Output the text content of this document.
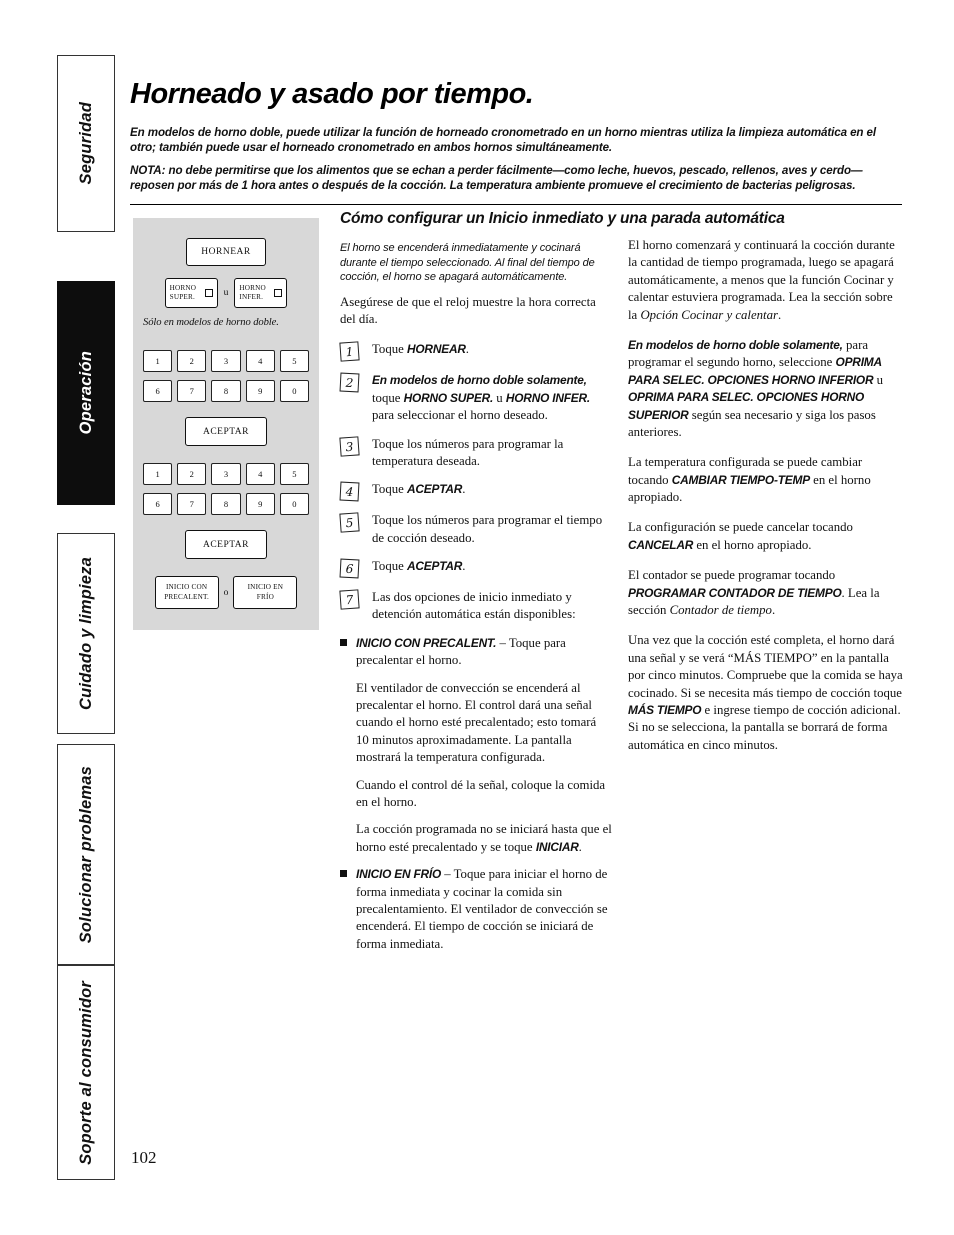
Seguridad
Operación
Cuidado y limpieza
Solucionar problemas
Soporte al consumidor
Horneado y asado por tiempo.

En modelos de horno doble, puede utilizar la función de horneado cronometrado en un horno mientras utiliza la limpieza automática en el otro; también puede usar el horneado cronometrado en ambos hornos simultáneamente.

NOTA: no debe permitirse que los alimentos que se echan a perder fácilmente—como leche, huevos, pescado, rellenos, aves y cerdo—reposen por más de 1 hora antes o después de la cocción. La temperatura ambiente promueve el crecimiento de bacterias peligrosas.

HORNEAR
HORNO
SUPER.	u HORNO
INFER.
Sólo en modelos de horno doble.
1	2	3	4	5
6	7	8	9	0
ACEPTAR
1	2	3	4	5
6	7	8	9	0
ACEPTAR
INICIO CON
PRECALENT. o
INICIO EN
FRÍO
Cómo configurar un Inicio inmediato y una parada automática

El horno se encenderá inmediatamente y cocinará durante el tiempo seleccionado. Al final del tiempo de cocción, el horno se apagará automáticamente.

Asegúrese de que el reloj muestre la hora correcta del día.

1	Toque HORNEAR.
2	En modelos de horno doble solamente, toque HORNO SUPER. u HORNO INFER. para seleccionar el horno deseado.
3	Toque los números para programar la temperatura deseada.
4	Toque ACEPTAR.
5	Toque los números para programar el tiempo de cocción deseado.
6	Toque ACEPTAR.
7	Las dos opciones de inicio inmediato y detención automática están disponibles:

INICIO CON PRECALENT. – Toque para precalentar el horno.

El ventilador de convección se encenderá al precalentar el horno. El control dará una señal cuando el horno esté precalentado; esto tomará 10 minutos aproximadamente. La pantalla mostrará la temperatura configurada.

Cuando el control dé la señal, coloque la comida en el horno.

La cocción programada no se iniciará hasta que el horno esté precalentado y se toque INICIAR.

INICIO EN FRÍO – Toque para iniciar el horno de forma inmediata y cocinar la comida sin precalentamiento. El ventilador de convección se encenderá. El tiempo de cocción se iniciará de forma inmediata.

El horno comenzará y continuará la cocción durante la cantidad de tiempo programada, luego se apagará automáticamente, a menos que la función Cocinar y calentar estuviera programada. Lea la sección sobre la Opción Cocinar y calentar.

En modelos de horno doble solamente, para programar el segundo horno, seleccione OPRIMA PARA SELEC. OPCIONES HORNO INFERIOR u OPRIMA PARA SELEC. OPCIONES HORNO SUPERIOR según sea necesario y siga los pasos anteriores.

La temperatura configurada se puede cambiar tocando CAMBIAR TIEMPO-TEMP en el horno apropiado.

La configuración se puede cancelar tocando CANCELAR en el horno apropiado.

El contador se puede programar tocando PROGRAMAR CONTADOR DE TIEMPO. Lea la sección Contador de tiempo.

Una vez que la cocción esté completa, el horno dará una señal y se verá “MÁS TIEMPO” en la pantalla por cinco minutos. Compruebe que la comida se haya cocinado. Si se necesita más tiempo de cocción toque MÁS TIEMPO e ingrese tiempo de cocción adicional. Si no se selecciona, la pantalla se borrará de forma automática en cinco minutos.

102
